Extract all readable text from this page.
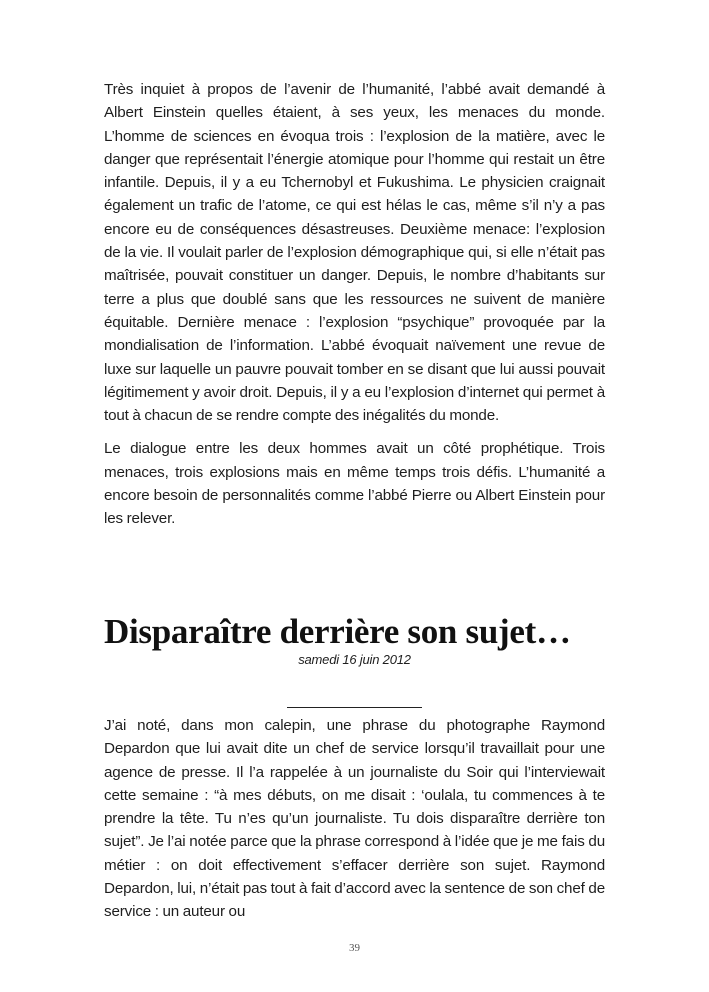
Très inquiet à propos de l’avenir de l’humanité, l’abbé avait demandé à Albert Einstein quelles étaient, à ses yeux, les menaces du monde. L’homme de sciences en évoqua trois : l’explosion de la matière, avec le danger que représentait l’énergie atomique pour l’homme qui restait un être infantile. Depuis, il y a eu Tchernobyl et Fukushima. Le physicien craignait également un trafic de l’atome, ce qui est hélas le cas, même s’il n’y a pas encore eu de conséquences désastreuses. Deuxième menace: l’explosion de la vie. Il voulait parler de l’explosion démographique qui, si elle n’était pas maîtrisée, pouvait constituer un danger. Depuis, le nombre d’habitants sur terre a plus que doublé sans que les ressources ne suivent de manière équitable. Dernière menace : l’explosion “psychique” provoquée par la mondialisation de l’information. L’abbé évoquait naïvement une revue de luxe sur laquelle un pauvre pouvait tomber en se disant que lui aussi pouvait légitimement y avoir droit. Depuis, il y a eu l’explosion d’internet qui permet à tout à chacun de se rendre compte des inégalités du monde.

Le dialogue entre les deux hommes avait un côté prophétique. Trois menaces, trois explosions mais en même temps trois défis. L’humanité a encore besoin de personnalités comme l’abbé Pierre ou Albert Einstein pour les relever.

Disparaître derrière son sujet…
samedi 16 juin 2012

J’ai noté, dans mon calepin, une phrase du photographe Raymond Depardon que lui avait dite un chef de service lorsqu’il travaillait pour une agence de presse. Il l’a rappelée à un journaliste du Soir qui l’interviewait cette semaine : “à mes débuts, on me disait : ‘oulala, tu commences à te prendre la tête. Tu n’es qu’un journaliste. Tu dois disparaître derrière ton sujet”. Je l’ai notée parce que la phrase correspond à l’idée que je me fais du métier : on doit effectivement s’effacer derrière son sujet. Raymond Depardon, lui, n’était pas tout à fait d’accord avec la sentence de son chef de service : un auteur ou

39
